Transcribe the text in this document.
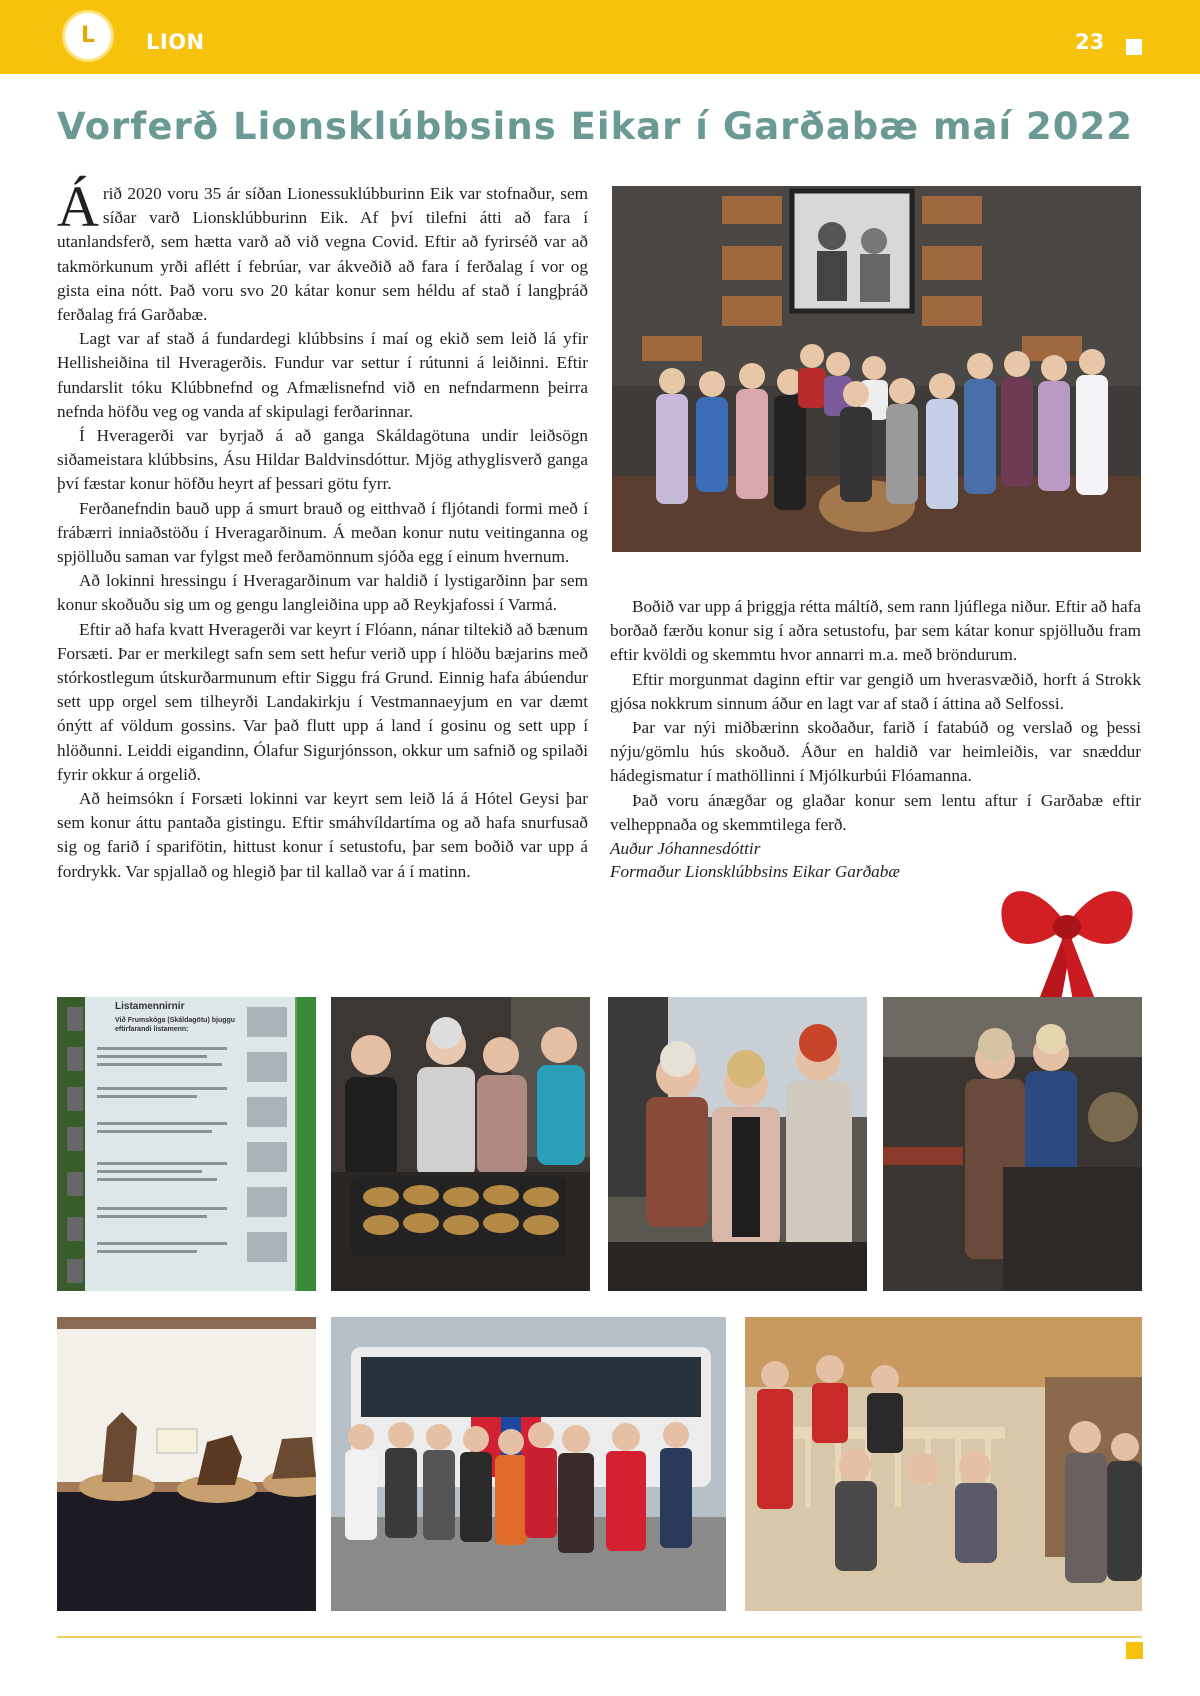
L
LION	23
Vorferð Lionsklúbbsins Eikar í Garðabæ maí 2022

Árið 2020 voru 35 ár síðan Lionessuklúbburinn Eik var stofnaður, sem síðar varð Lionsklúbburinn Eik. Af því tilefni átti að fara í utanlandsferð, sem hætta varð að við vegna Covid. Eftir að fyrirséð var að takmörkunum yrði aflétt í febrúar, var ákveðið að fara í ferðalag í vor og gista eina nótt. Það voru svo 20 kátar konur sem héldu af stað í langþráð ferðalag frá Garðabæ.

Lagt var af stað á fundardegi klúbbsins í maí og ekið sem leið lá yfir Hellisheiðina til Hveragerðis. Fundur var settur í rútunni á leiðinni. Eftir fundarslit tóku Klúbbnefnd og Afmælisnefnd við en nefndarmenn þeirra nefnda höfðu veg og vanda af skipulagi ferðarinnar.

Í Hveragerði var byrjað á að ganga Skáldagötuna undir leiðsögn siðameistara klúbbsins, Ásu Hildar Baldvinsdóttur. Mjög athyglisverð ganga því fæstar konur höfðu heyrt af þessari götu fyrr.

Ferðanefndin bauð upp á smurt brauð og eitthvað í fljótandi formi með í frábærri inniaðstöðu í Hveragarðinum. Á meðan konur nutu veitinganna og spjölluðu saman var fylgst með ferðamönnum sjóða egg í einum hvernum.

Að lokinni hressingu í Hveragarðinum var haldið í lystigarðinn þar sem konur skoðuðu sig um og gengu langleiðina upp að Reykjafossi í Varmá.

Eftir að hafa kvatt Hveragerði var keyrt í Flóann, nánar tiltekið að bænum Forsæti. Þar er merkilegt safn sem sett hefur verið upp í hlöðu bæjarins með stórkostlegum útskurðarmunum eftir Siggu frá Grund. Einnig hafa ábúendur sett upp orgel sem tilheyrði Landakirkju í Vestmannaeyjum en var dæmt ónýtt af völdum gossins. Var það flutt upp á land í gosinu og sett upp í hlöðunni. Leiddi eigandinn, Ólafur Sigurjónsson, okkur um safnið og spilaði fyrir okkur á orgelið.

Að heimsókn í Forsæti lokinni var keyrt sem leið lá á Hótel Geysi þar sem konur áttu pantaða gistingu. Eftir smáhvíldartíma og að hafa snurfusað sig og farið í sparifötin, hittust konur í setustofu, þar sem boðið var upp á fordrykk. Var spjallað og hlegið þar til kallað var á í matinn.

Boðið var upp á þriggja rétta máltíð, sem rann ljúflega niður. Eftir að hafa borðað færðu konur sig í aðra setustofu, þar sem kátar konur spjölluðu fram eftir kvöldi og skemmtu hvor annarri m.a. með bröndurum.

Eftir morgunmat daginn eftir var gengið um hverasvæðið, horft á Strokk gjósa nokkrum sinnum áður en lagt var af stað í áttina að Selfossi.

Þar var nýi miðbærinn skoðaður, farið í fatabúð og verslað og þessi nýju/gömlu hús skoðuð. Áður en haldið var heimleiðis, var snæddur hádegismatur í mathöllinni í Mjólkurbúi Flóamanna.

Það voru ánægðar og glaðar konur sem lentu aftur í Garðabæ eftir velheppnaða og skemmtilega ferð.

Auður Jóhannesdóttir
Formaður Lionsklúbbsins Eikar Garðabæ

Listamennirnir
Við Frumskóga (Skáldagötu) bjuggu eftirfarandi listamenn:
